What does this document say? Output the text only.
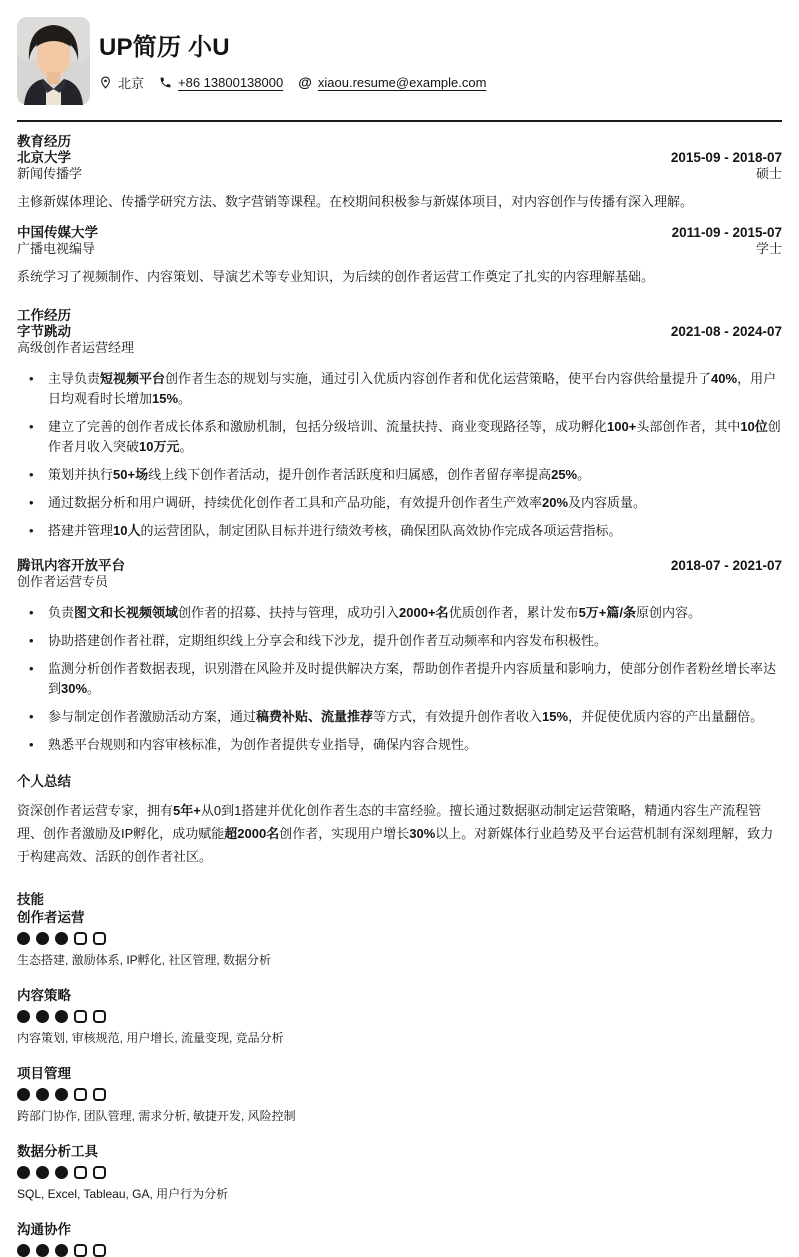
UP简历 小U
北京	+86 13800138000 @ xiaou.resume@example.com
教育经历
北京大学	2015-09 - 2018-07
新闻传播学	硕士
主修新媒体理论、传播学研究方法、数字营销等课程。在校期间积极参与新媒体项目，对内容创作与传播有深入理解。
中国传媒大学	2011-09 - 2015-07
广播电视编导	学士
系统学习了视频制作、内容策划、导演艺术等专业知识，为后续的创作者运营工作奠定了扎实的内容理解基础。
工作经历
字节跳动	2021-08 - 2024-07
高级创作者运营经理
• 主导负责短视频平台创作者生态的规划与实施，通过引入优质内容创作者和优化运营策略，使平台内容供给量提升了40%，用户日均观看时长增加15%。
• 建立了完善的创作者成长体系和激励机制，包括分级培训、流量扶持、商业变现路径等，成功孵化100+头部创作者，其中10位创作者月收入突破10万元。
• 策划并执行50+场线上线下创作者活动，提升创作者活跃度和归属感，创作者留存率提高25%。
• 通过数据分析和用户调研，持续优化创作者工具和产品功能，有效提升创作者生产效率20%及内容质量。
• 搭建并管理10人的运营团队，制定团队目标并进行绩效考核，确保团队高效协作完成各项运营指标。
腾讯内容开放平台	2018-07 - 2021-07
创作者运营专员
• 负责图文和长视频领域创作者的招募、扶持与管理，成功引入2000+名优质创作者，累计发布5万+篇/条原创内容。
• 协助搭建创作者社群，定期组织线上分享会和线下沙龙，提升创作者互动频率和内容发布积极性。
• 监测分析创作者数据表现，识别潜在风险并及时提供解决方案，帮助创作者提升内容质量和影响力，使部分创作者粉丝增长率达到30%。
• 参与制定创作者激励活动方案，通过稿费补贴、流量推荐等方式，有效提升创作者收入15%，并促使优质内容的产出量翻倍。
• 熟悉平台规则和内容审核标准，为创作者提供专业指导，确保内容合规性。
个人总结

资深创作者运营专家，拥有5年+从0到1搭建并优化创作者生态的丰富经验。擅长通过数据驱动制定运营策略，精通内容生产流程管理、创作者激励及IP孵化，成功赋能超2000名创作者，实现用户增长30%以上。对新媒体行业趋势及平台运营机制有深刻理解，致力于构建高效、活跃的创作者社区。

技能
创作者运营
生态搭建, 激励体系, IP孵化, 社区管理, 数据分析
内容策略
内容策划, 审核规范, 用户增长, 流量变现, 竞品分析
项目管理
跨部门协作, 团队管理, 需求分析, 敏捷开发, 风险控制
数据分析工具
SQL, Excel, Tableau, GA, 用户行为分析
沟通协作
